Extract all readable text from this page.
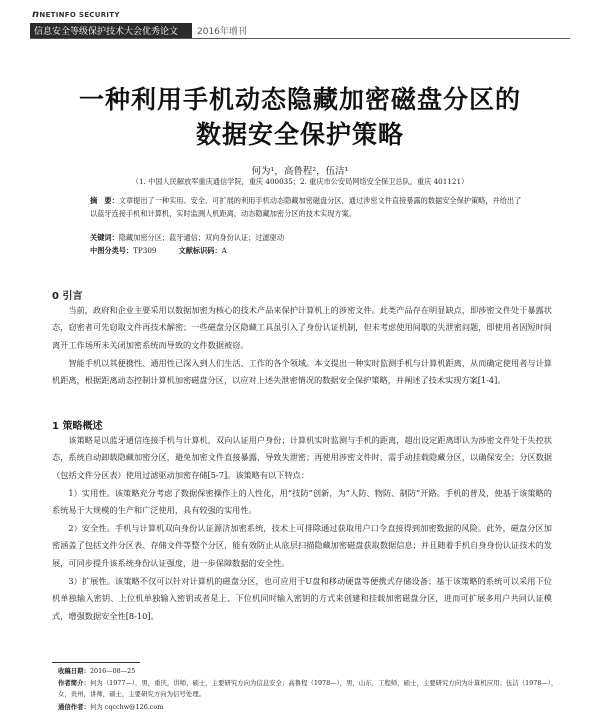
nNETINFO SECURITY
信息安全等级保护技术大会优秀论文 2016年增刊
一种利用手机动态隐藏加密磁盘分区的
数据安全保护策略
何为¹，高鲁程²，伍洁¹
（1. 中国人民解放军重庆通信学院，重庆 400035；2. 重庆市公安局网络安全保卫总队，重庆 401121）
摘　要：文章提出了一种实用、安全、可扩展的利用手机动态隐藏加密磁盘分区，通过涉密文件直接暴露的数据安全保护策略，并给出了以蓝牙连接手机和计算机，实时监测人机距离，动态隐藏加密分区的技术实现方案。
关键词：隐藏加密分区；蓝牙通信；双向身份认证；过滤驱动
中图分类号：TP309	文献标识码：A
0 引言

当前，政府和企业主要采用以数据加密为核心的技术产品来保护计算机上的涉密文件。此类产品存在明显缺点，即涉密文件处于暴露状态，窃密者可先窃取文件再技术解密；一些磁盘分区隐藏工具虽引入了身份认证机制，但未考虑使用间歇的失泄密问题，即使用者因短时间离开工作场所未关闭加密系统而导致的文件数据被窃。

智能手机以其便携性、通用性已深入到人们生活、工作的各个领域。本文提出一种实时监测手机与计算机距离，从而确定使用者与计算机距离，根据距离动态控制计算机加密磁盘分区，以应对上述失泄密情况的数据安全保护策略，并阐述了技术实现方案[1-4]。

1 策略概述

该策略是以蓝牙通信连接手机与计算机，双向认证用户身份；计算机实时监测与手机的距离，超出设定距离即认为涉密文件处于失控状态，系统自动卸载隐藏加密分区，避免加密文件直接暴露，导致失泄密；再使用涉密文件时，需手动挂载隐藏分区，以确保安全；分区数据（包括文件分区表）使用过滤驱动加密存储[5-7]。该策略有以下特点：

1）实用性。该策略充分考虑了数据保密操作上的人性化，用“技防”创新，为“人防、物防、制防”开路。手机的普及，使基于该策略的系统易于大规模的生产和广泛使用，具有较强的实用性。

2）安全性。手机与计算机双向身份认证源济加密系统，技术上可排除通过获取用户口令直接得到加密数据的风险。此外，磁盘分区加密涵盖了包括文件分区表、存储文件等整个分区，能有效防止从底层扫描隐藏加密磁盘获取数据信息；并且随着手机自身身份认证技术的发展，可同步提升该系统身份认证强度，进一步保障数据的安全性。

3）扩展性。该策略不仅可以针对计算机的磁盘分区，也可应用于U盘和移动硬盘等便携式存储设备；基于该策略的系统可以采用下位机单独输入密钥、上位机单独输入密钥或者是上、下位机同时输入密钥的方式来创建和挂载加密磁盘分区，进而可扩展多用户共同认证模式，增强数据安全性[8-10]。

收稿日期：2016—08—25
作者简介：何为（1977—），男，重庆，讲师，硕士，主要研究方向为信息安全；高鲁程（1978—），男，山东，工程师，硕士，主要研究方向为计算机应用；伍洁（1978—），女，贵州，讲师，硕士，主要研究方向为信号处理。
通信作者：何为 cqcchw@126.com
